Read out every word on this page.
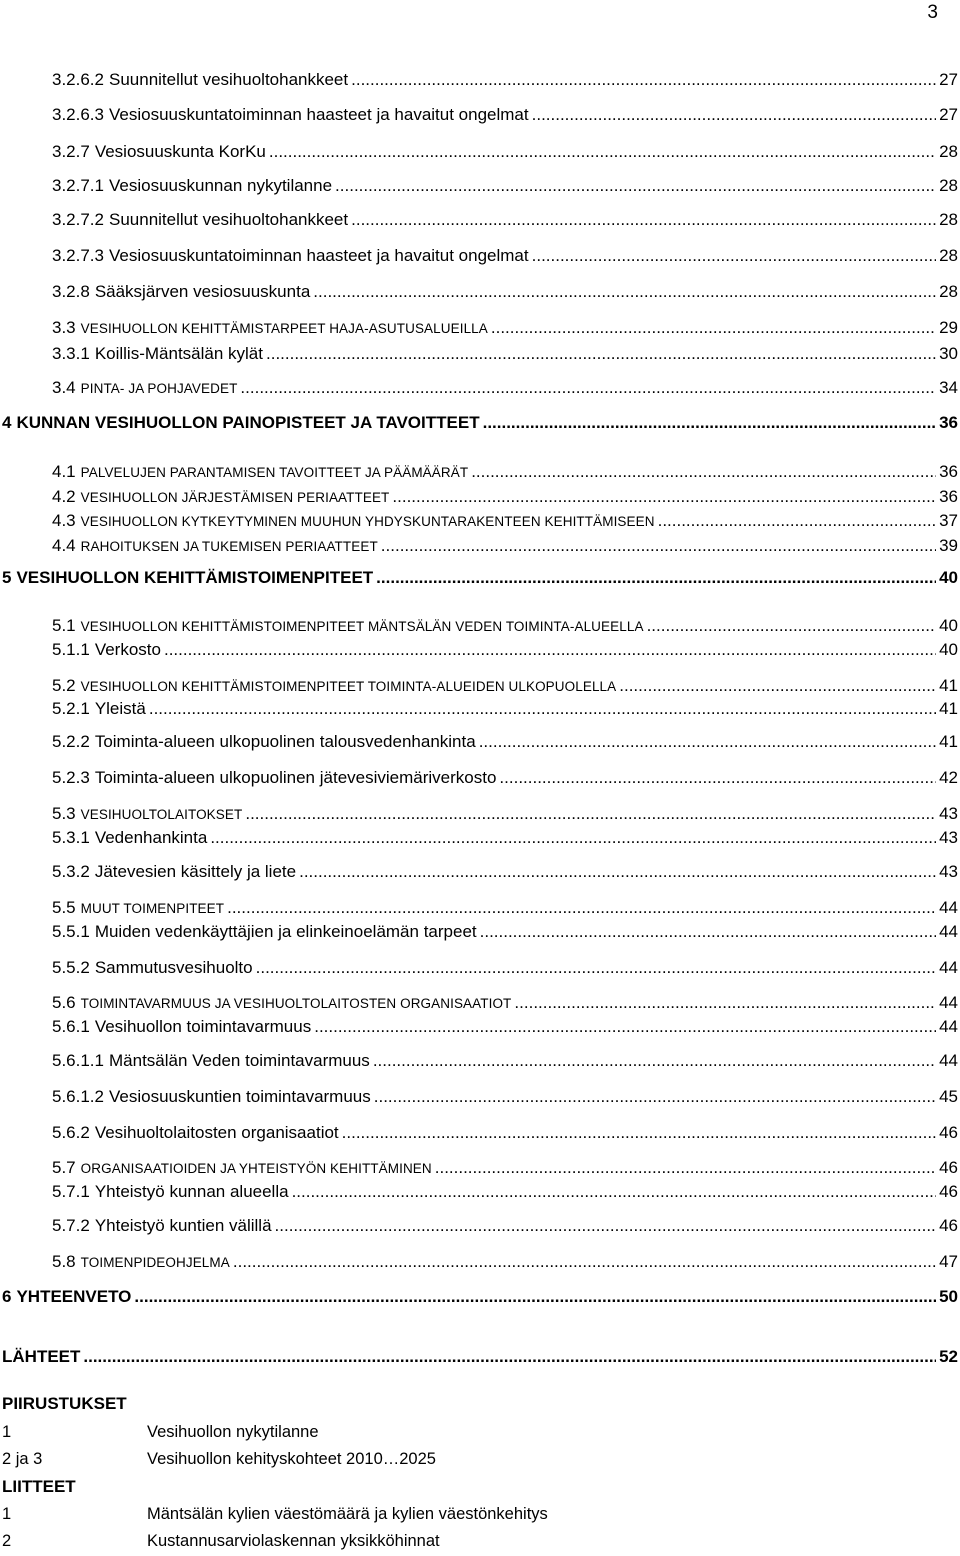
3
3.2.6.2 Suunnitellut vesihuoltohankkeet .....	27
3.2.6.3 Vesiosuuskuntatoiminnan haasteet ja havaitut ongelmat .....	27
3.2.7 Vesiosuuskunta KorKu .....	28
3.2.7.1 Vesiosuuskunnan nykytilanne .....	28
3.2.7.2 Suunnitellut vesihuoltohankkeet .....	28
3.2.7.3 Vesiosuuskuntatoiminnan haasteet ja havaitut ongelmat .....	28
3.2.8 Sääksjärven vesiosuuskunta .....	28
3.3 VESIHUOLLON KEHITTÄMISTARPEET HAJA-ASUTUSALUEILLA .....	29
3.3.1 Koillis-Mäntsälän kylät .....	30
3.4 PINTA- JA POHJAVEDET .....	34
4 KUNNAN VESIHUOLLON PAINOPISTEET JA TAVOITTEET .....	36
4.1 PALVELUJEN PARANTAMISEN TAVOITTEET JA PÄÄMÄÄRÄT .....	36
4.2 VESIHUOLLON JÄRJESTÄMISEN PERIAATTEET .....	36
4.3 VESIHUOLLON KYTKEYTYMINEN MUUHUN YHDYSKUNTARAKENTEEN KEHITTÄMISEEN .....	37
4.4 RAHOITUKSEN JA TUKEMISEN PERIAATTEET .....	39
5 VESIHUOLLON KEHITTÄMISTOIMENPITEET .....	40
5.1 VESIHUOLLON KEHITTÄMISTOIMENPITEET MÄNTSÄLÄN VEDEN TOIMINTA-ALUEELLA .....	40
5.1.1 Verkosto .....	40
5.2 VESIHUOLLON KEHITTÄMISTOIMENPITEET TOIMINTA-ALUEIDEN ULKOPUOLELLA .....	41
5.2.1 Yleistä .....	41
5.2.2 Toiminta-alueen ulkopuolinen talousvedenhankinta .....	41
5.2.3 Toiminta-alueen ulkopuolinen jätevesiviemäriverkosto .....	42
5.3 VESIHUOLTOLAITOKSET .....	43
5.3.1 Vedenhankinta .....	43
5.3.2 Jätevesien käsittely ja liete .....	43
5.5 MUUT TOIMENPITEET .....	44
5.5.1 Muiden vedenkäyttäjien ja elinkeinoelämän tarpeet .....	44
5.5.2 Sammutusvesihuolto .....	44
5.6 TOIMINTAVARMUUS JA VESIHUOLTOLAITOSTEN ORGANISAATIOT .....	44
5.6.1 Vesihuollon toimintavarmuus .....	44
5.6.1.1 Mäntsälän Veden toimintavarmuus .....	44
5.6.1.2 Vesiosuuskuntien toimintavarmuus .....	45
5.6.2 Vesihuoltolaitosten organisaatiot .....	46
5.7 ORGANISAATIOIDEN JA YHTEISTYÖN KEHITTÄMINEN .....	46
5.7.1 Yhteistyö kunnan alueella .....	46
5.7.2 Yhteistyö kuntien välillä .....	46
5.8 TOIMENPIDEOHJELMA .....	47
6 YHTEENVETO .....	50
LÄHTEET .....	52
PIIRUSTUKSET
1	Vesihuollon nykytilanne
2 ja 3	Vesihuollon kehityskohteet 2010…2025
LIITTEET
1	Mäntsälän kylien väestömäärä ja kylien väestönkehitys
2	Kustannusarviolaskennan yksikköhinnat
